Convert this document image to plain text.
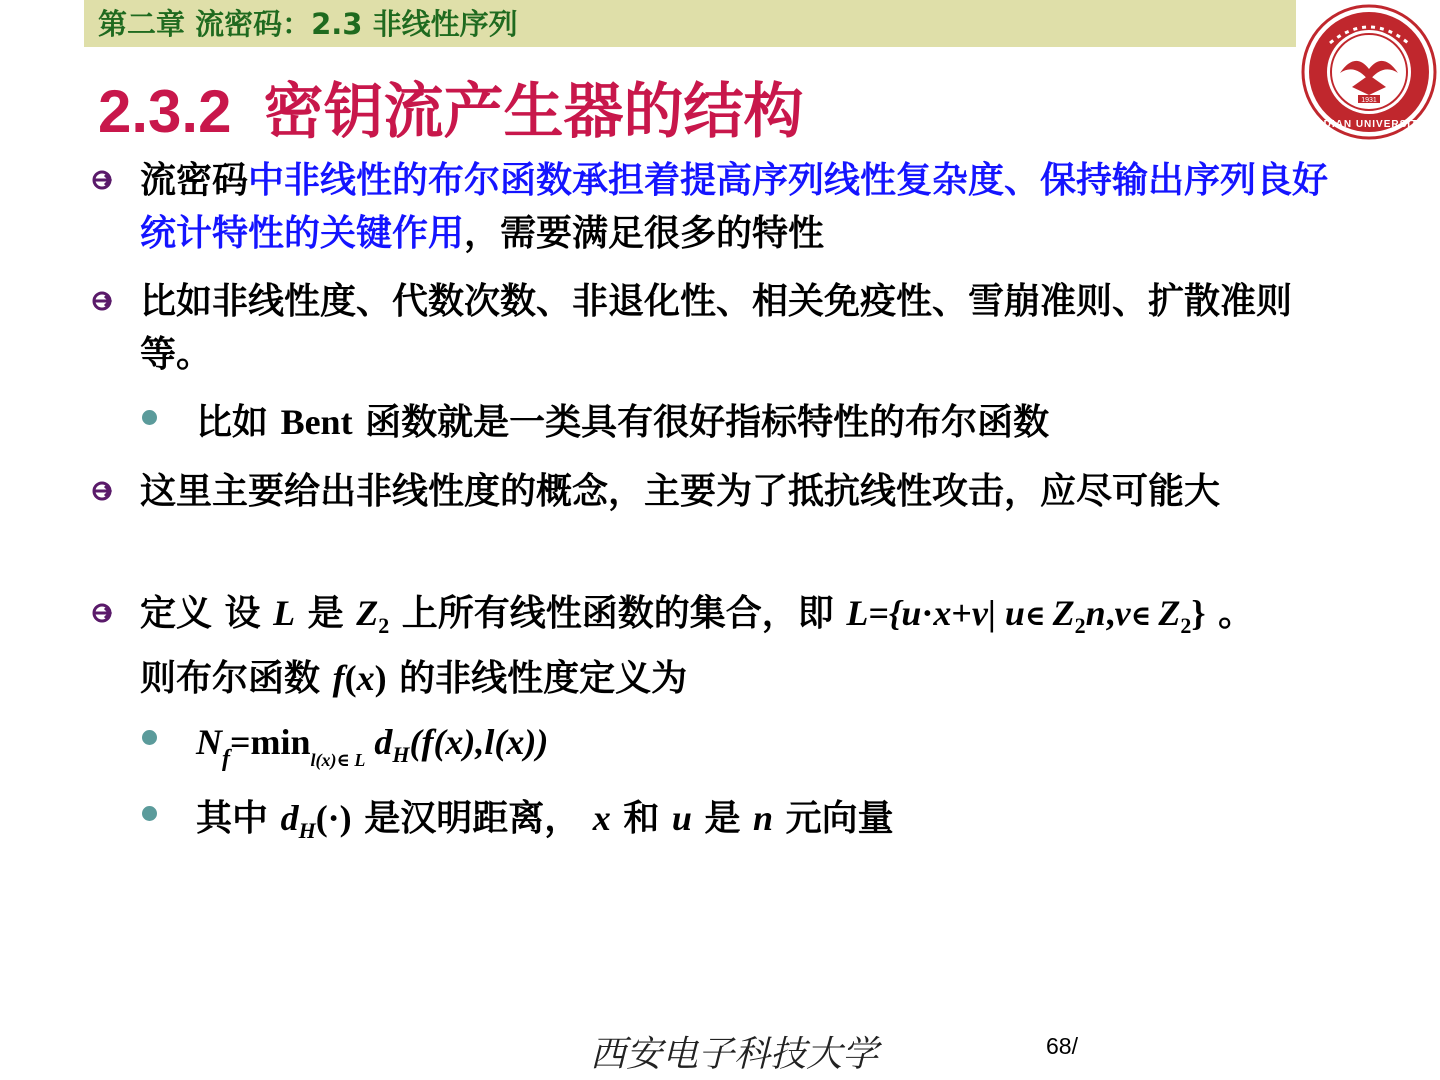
第二章 流密码：2.3 非线性序列
1931
XIDIAN UNIVERSITY
2.3.2 密钥流产生器的结构
流密码中非线性的布尔函数承担着提高序列线性复杂度、保持输出序列良好统计特性的关键作用，需要满足很多的特性
比如非线性度、代数次数、非退化性、相关免疫性、雪崩准则、扩散准则等。
比如 Bent 函数就是一类具有很好指标特性的布尔函数
这里主要给出非线性度的概念，主要为了抵抗线性攻击，应尽可能大
定义 设 L 是 $Z_2$ 上所有线性函数的集合，即 L={u·x+v| u∈ $Z_2n,v\in$ $Z_2$} 。
则布尔函数 f(x) 的非线性度定义为
$N_f=\min_{l(x)\in L}$ $d_H(f(x),l(x))$
其中 $d_H(\cdot)$ 是汉明距离， x 和 u 是 n 元向量
西安电子科技大学	68/
